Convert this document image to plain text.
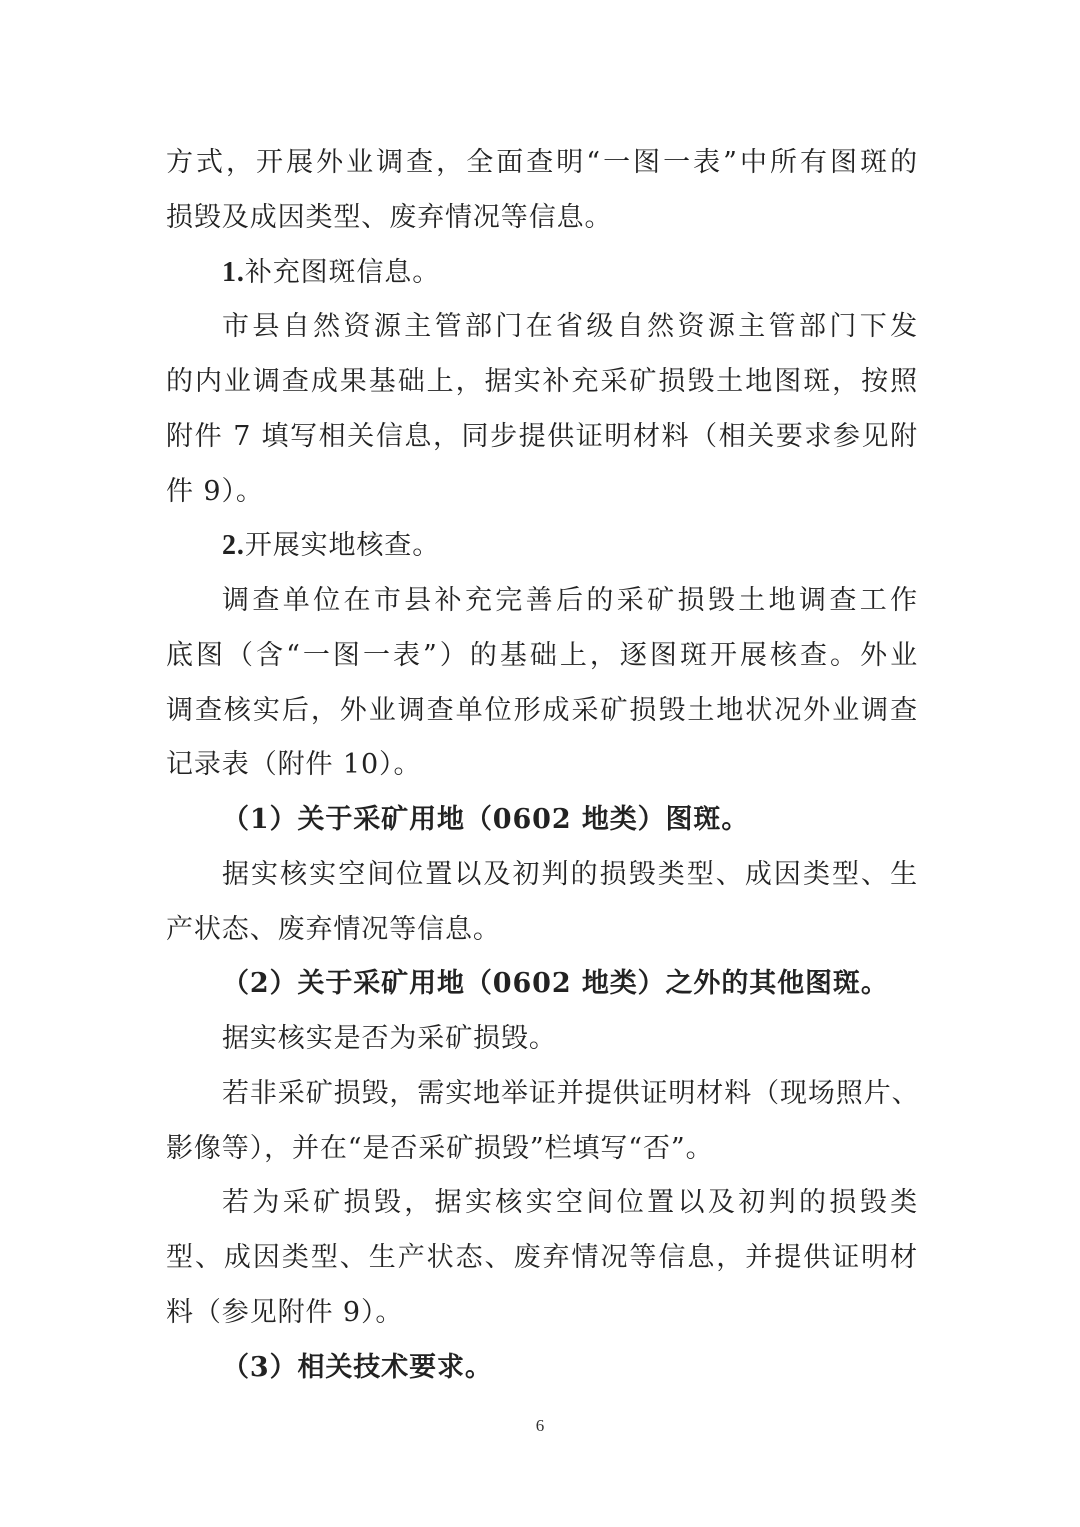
方式，开展外业调查，全面查明“一图一表”中所有图斑的
损毁及成因类型、废弃情况等信息。
1.补充图斑信息。
市县自然资源主管部门在省级自然资源主管部门下发
的内业调查成果基础上，据实补充采矿损毁土地图斑，按照
附件 7 填写相关信息，同步提供证明材料（相关要求参见附
件 9）。
2.开展实地核查。
调查单位在市县补充完善后的采矿损毁土地调查工作
底图（含“一图一表”）的基础上，逐图斑开展核查。外业
调查核实后，外业调查单位形成采矿损毁土地状况外业调查
记录表（附件 10）。
（1）关于采矿用地（0602 地类）图斑。
据实核实空间位置以及初判的损毁类型、成因类型、生
产状态、废弃情况等信息。
（2）关于采矿用地（0602 地类）之外的其他图斑。
据实核实是否为采矿损毁。
若非采矿损毁，需实地举证并提供证明材料（现场照片、
影像等），并在“是否采矿损毁”栏填写“否”。
若为采矿损毁，据实核实空间位置以及初判的损毁类
型、成因类型、生产状态、废弃情况等信息，并提供证明材
料（参见附件 9）。
（3）相关技术要求。
6
